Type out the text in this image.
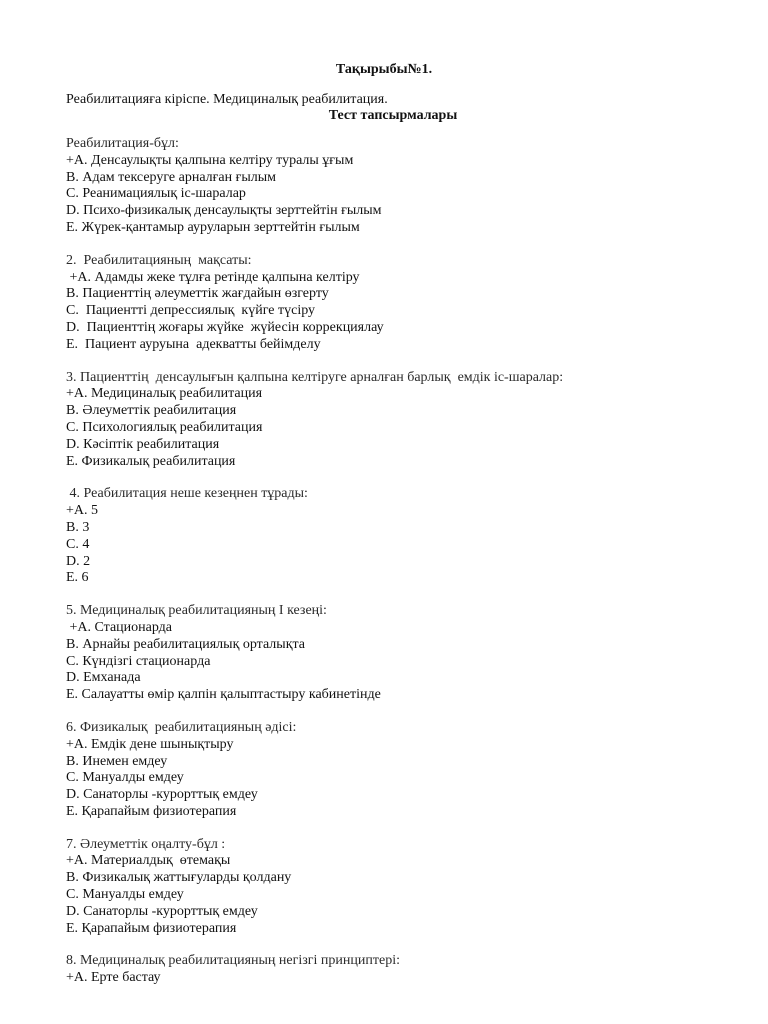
Тақырыбы№1.
Реабилитацияға кіріспе. Медициналық реабилитация.
Тест тапсырмалары
Реабилитация-бұл:
+А. Денсаулықты қалпына келтіру туралы ұғым
В. Адам тексеруге арналған ғылым
С. Реанимациялық іс-шаралар
D. Психо-физикалық денсаулықты зерттейтін ғылым
Е. Жүрек-қантамыр ауруларын зерттейтін ғылым
2.  Реабилитацияның  мақсаты:
+А. Адамды жеке тұлға ретінде қалпына келтіру
В. Пациенттің әлеуметтік жағдайын өзгерту
С.  Пациентті депрессиялық  күйге түсіру
D.  Пациенттің жоғары жүйке  жүйесін коррекциялау
Е.  Пациент ауруына  адекватты бейімделу
3. Пациенттің  денсаулығын қалпына келтіруге арналған барлық  емдік іс-шаралар:
+А. Медициналық реабилитация
В. Әлеуметтік реабилитация
С. Психологиялық реабилитация
D. Кәсіптік реабилитация
Е. Физикалық реабилитация
4. Реабилитация неше кезеңнен тұрады:
+А. 5
В. 3
С. 4
D. 2
Е. 6
5. Медициналық реабилитацияның І кезеңі:
+А. Стационарда
В. Арнайы реабилитациялық орталықта
С. Күндізгі стационарда
D. Емханада
Е. Салауатты өмір қалпін қалыптастыру кабинетінде
6. Физикалық  реабилитацияның әдісі:
+А. Емдік дене шынықтыру
В. Инемен емдеу
С. Мануалды емдеу
D. Санаторлы -курорттық емдеу
Е. Қарапайым физиотерапия
7. Әлеуметтік оңалту-бұл :
+А. Материалдық  өтемақы
В. Физикалық жаттығуларды қолдану
С. Мануалды емдеу
D. Санаторлы -курорттық емдеу
Е. Қарапайым физиотерапия
8. Медициналық реабилитацияның негізгі принциптері:
+А. Ерте бастау
